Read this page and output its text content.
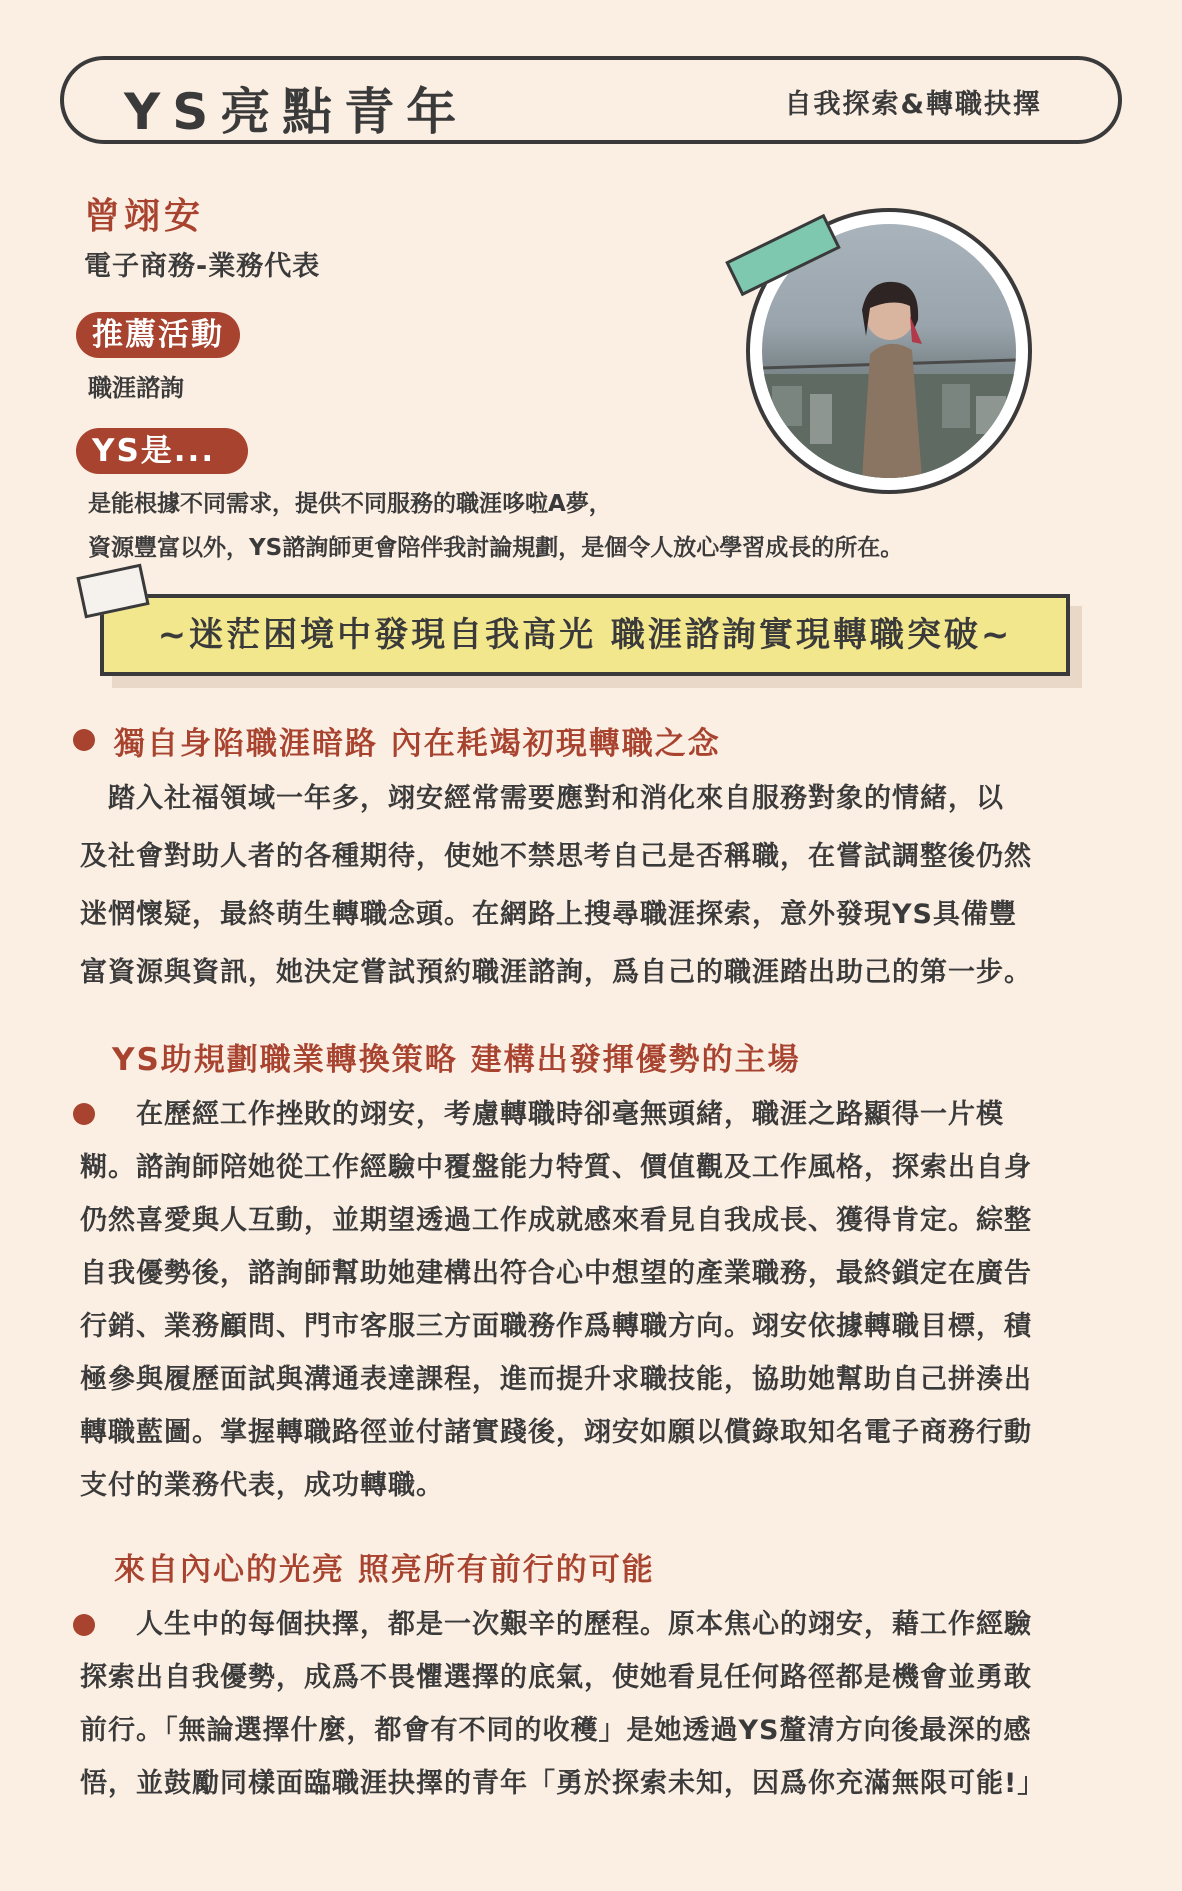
YS亮點青年	自我探索&轉職抉擇
曾翊安
電子商務-業務代表
推薦活動
職涯諮詢
YS是...
是能根據不同需求，提供不同服務的職涯哆啦A夢，
資源豐富以外，YS諮詢師更會陪伴我討論規劃，是個令人放心學習成長的所在。
~迷茫困境中發現自我高光 職涯諮詢實現轉職突破~
獨自身陷職涯暗路 內在耗竭初現轉職之念
　踏入社福領域一年多，翊安經常需要應對和消化來自服務對象的情緒，以
及社會對助人者的各種期待，使她不禁思考自己是否稱職，在嘗試調整後仍然
迷惘懷疑，最終萌生轉職念頭。在網路上搜尋職涯探索，意外發現YS具備豐
富資源與資訊，她決定嘗試預約職涯諮詢，爲自己的職涯踏出助己的第一步。
YS助規劃職業轉換策略 建構出發揮優勢的主場
　　在歷經工作挫敗的翊安，考慮轉職時卻毫無頭緒，職涯之路顯得一片模
糊。諮詢師陪她從工作經驗中覆盤能力特質、價值觀及工作風格，探索出自身
仍然喜愛與人互動，並期望透過工作成就感來看見自我成長、獲得肯定。綜整
自我優勢後，諮詢師幫助她建構出符合心中想望的產業職務，最終鎖定在廣告
行銷、業務顧問、門市客服三方面職務作爲轉職方向。翊安依據轉職目標，積
極參與履歷面試與溝通表達課程，進而提升求職技能，協助她幫助自己拼湊出
轉職藍圖。掌握轉職路徑並付諸實踐後，翊安如願以償錄取知名電子商務行動
支付的業務代表，成功轉職。
來自內心的光亮 照亮所有前行的可能
　　人生中的每個抉擇，都是一次艱辛的歷程。原本焦心的翊安，藉工作經驗
探索出自我優勢，成爲不畏懼選擇的底氣，使她看見任何路徑都是機會並勇敢
前行。「無論選擇什麼，都會有不同的收穫」是她透過YS釐清方向後最深的感
悟，並鼓勵同樣面臨職涯抉擇的青年「勇於探索未知，因爲你充滿無限可能!」
